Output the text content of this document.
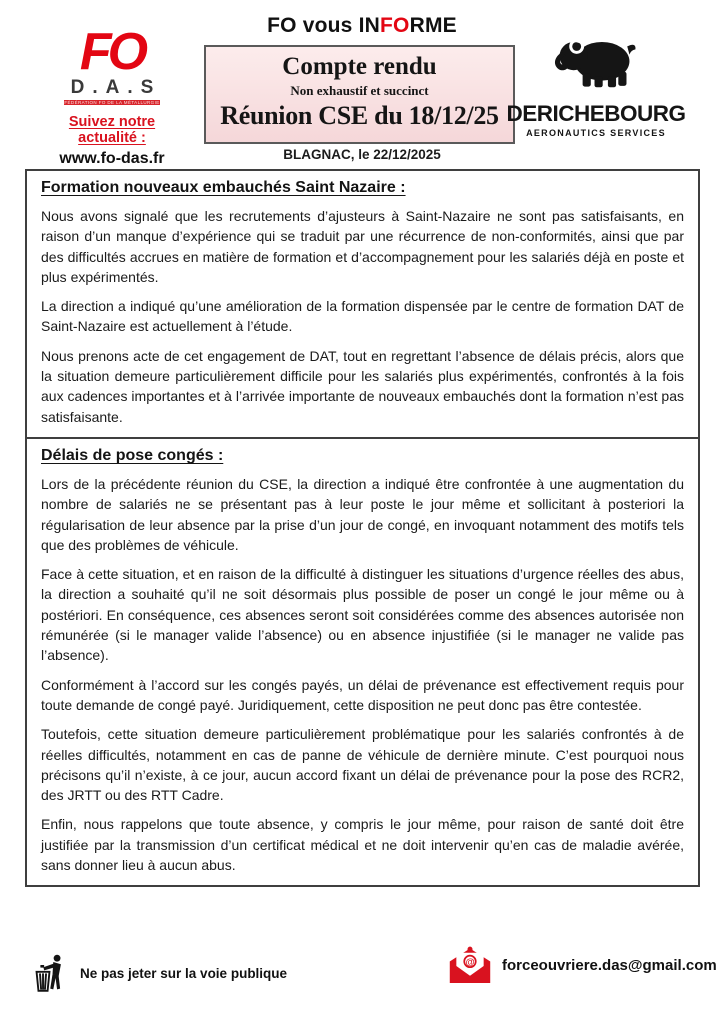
FO vous INFORME
FO
D.A.S
FÉDÉRATION FO DE LA MÉTALLURGIE
Suivez notre actualité :
www.fo-das.fr
Compte rendu
Non exhaustif et succinct
Réunion CSE du 18/12/25 DERICHEBOURG
AERONAUTICS SERVICES
BLAGNAC, le 22/12/2025
Formation nouveaux embauchés Saint Nazaire :

Nous avons signalé que les recrutements d’ajusteurs à Saint-Nazaire ne sont pas satisfaisants, en raison d’un manque d’expérience qui se traduit par une récurrence de non-conformités, ainsi que par des difficultés accrues en matière de formation et d’accompagnement pour les salariés déjà en poste et plus expérimentés.

La direction a indiqué qu’une amélioration de la formation dispensée par le centre de formation DAT de Saint-Nazaire est actuellement à l’étude.

Nous prenons acte de cet engagement de DAT, tout en regrettant l’absence de délais précis, alors que la situation demeure particulièrement difficile pour les salariés plus expérimentés, confrontés à la fois aux cadences importantes et à l’arrivée importante de nouveaux embauchés dont la formation n’est pas satisfaisante.

Délais de pose congés :

Lors de la précédente réunion du CSE, la direction a indiqué être confrontée à une augmentation du nombre de salariés ne se présentant pas à leur poste le jour même et sollicitant à posteriori la régularisation de leur absence par la prise d’un jour de congé, en invoquant notamment des motifs tels que des problèmes de véhicule.

Face à cette situation, et en raison de la difficulté à distinguer les situations d’urgence réelles des abus, la direction a souhaité qu’il ne soit désormais plus possible de poser un congé le jour même ou à postériori. En conséquence, ces absences seront soit considérées comme des absences autorisée non rémunérée (si le manager valide l’absence) ou en absence injustifiée (si le manager ne valide pas l’absence).

Conformément à l’accord sur les congés payés, un délai de prévenance est effectivement requis pour toute demande de congé payé. Juridiquement, cette disposition ne peut donc pas être contestée.

Toutefois, cette situation demeure particulièrement problématique pour les salariés confrontés à de réelles difficultés, notamment en cas de panne de véhicule de dernière minute. C’est pourquoi nous précisons qu’il n’existe, à ce jour, aucun accord fixant un délai de prévenance pour la pose des RCR2, des JRTT ou des RTT Cadre.

Enfin, nous rappelons que toute absence, y compris le jour même, pour raison de santé doit être justifiée par la transmission d’un certificat médical et ne doit intervenir qu’en cas de maladie avérée, sans donner lieu à aucun abus.

Ne pas jeter sur la voie publique
@ forceouvriere.das@gmail.com
